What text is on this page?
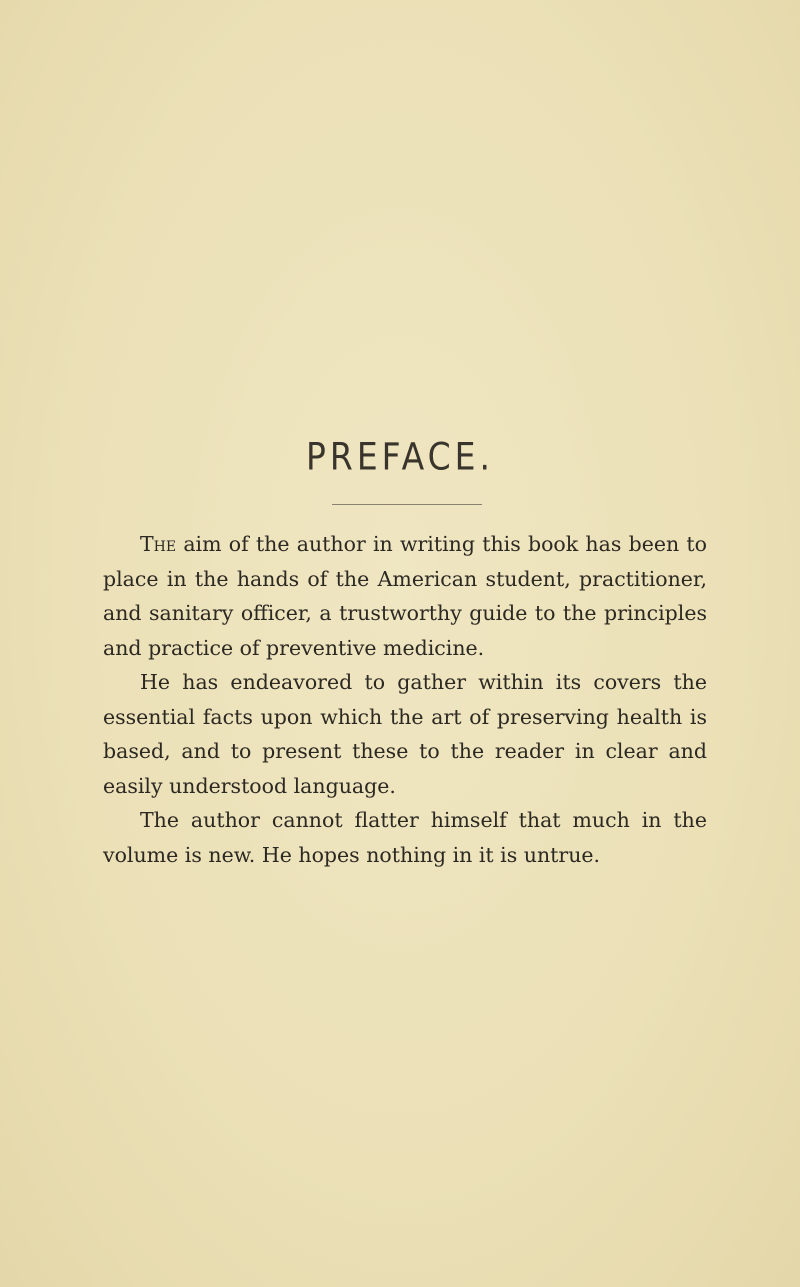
PREFACE.

The aim of the author in writing this book has been to place in the hands of the American student, practitioner, and sanitary officer, a trustworthy guide to the principles and practice of preventive medicine.

He has endeavored to gather within its covers the essential facts upon which the art of preserving health is based, and to present these to the reader in clear and easily understood language.

The author cannot flatter himself that much in the volume is new. He hopes nothing in it is untrue.
